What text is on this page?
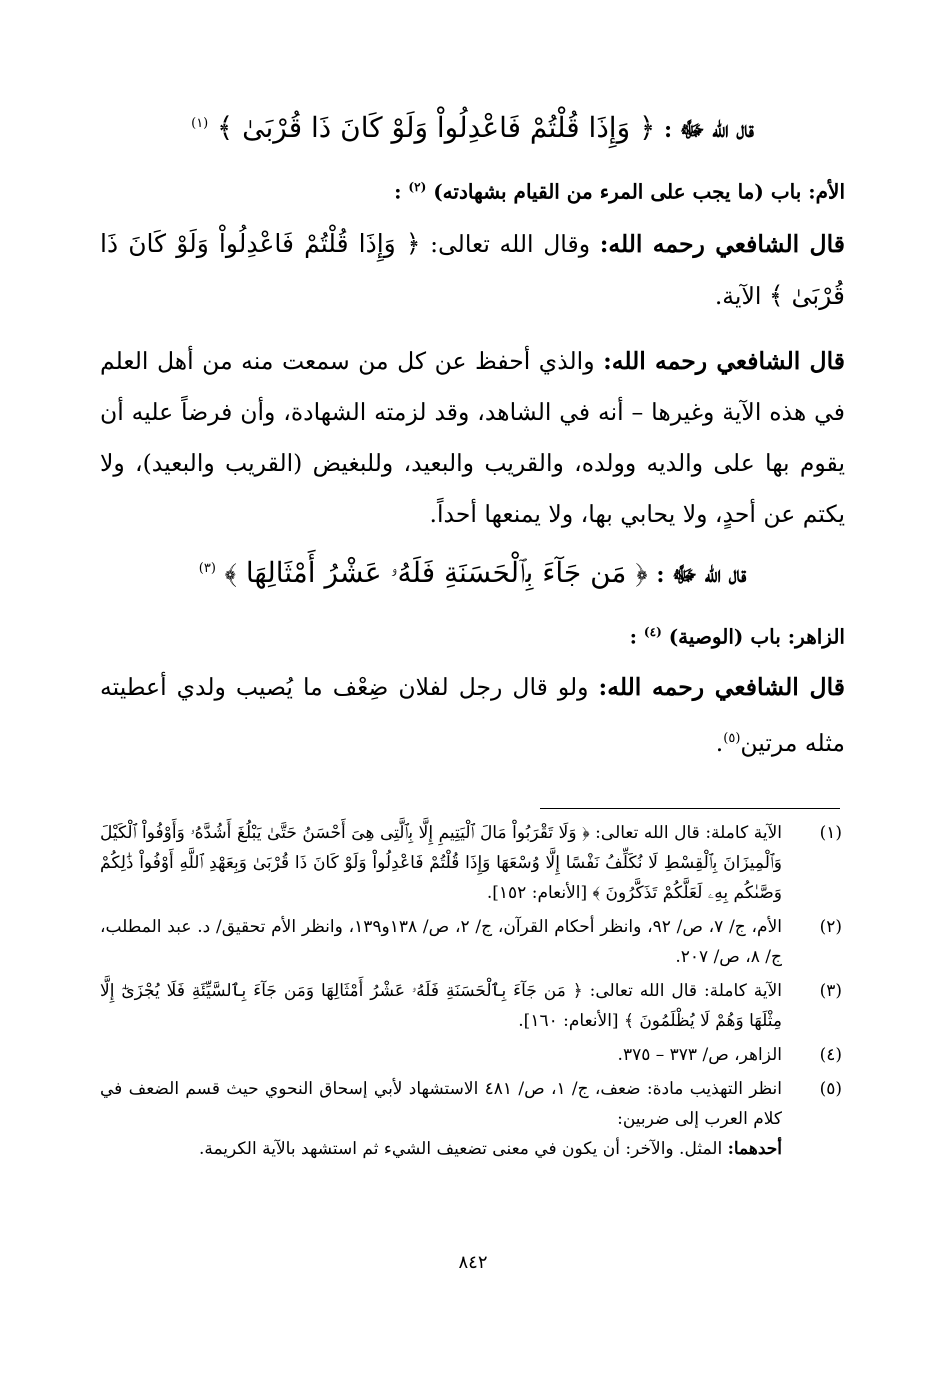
قال الله ﷻ : ﴿ وَإِذَا قُلْتُمْ فَاعْدِلُواْ وَلَوْ كَانَ ذَا قُرْبَىٰ ﴾ $^{(١)}$

الأم: باب (ما يجب على المرء من القيام بشهادته) $^{(٢)}$ :

قال الشافعي رحمه الله: وقال الله تعالى: ﴿ وَإِذَا قُلْتُمْ فَاعْدِلُواْ وَلَوْ كَانَ ذَا قُرْبَىٰ ﴾ الآية.

قال الشافعي رحمه الله: والذي أحفظ عن كل من سمعت منه من أهل العلم في هذه الآية وغيرها – أنه في الشاهد، وقد لزمته الشهادة، وأن فرضاً عليه أن يقوم بها على والديه وولده، والقريب والبعيد، وللبغيض (القريب والبعيد)، ولا يكتم عن أحدٍ، ولا يحابي بها، ولا يمنعها أحداً.

قال الله ﷻ : ﴿ مَن جَآءَ بِٱلْحَسَنَةِ فَلَهُۥ عَشْرُ أَمْثَالِهَا ﴾ $^{(٣)}$

الزاهر: باب (الوصية) $^{(٤)}$ :

قال الشافعي رحمه الله: ولو قال رجل لفلان ضِعْف ما يُصيب ولدي أعطيته مثله مرتين$^{(٥)}$.

(١)
الآية كاملة: قال الله تعالى: ﴿ وَلَا تَقْرَبُواْ مَالَ ٱلْيَتِيمِ إِلَّا بِٱلَّتِى هِىَ أَحْسَنُ حَتَّىٰ يَبْلُغَ أَشُدَّهُۥ وَأَوْفُواْ ٱلْكَيْلَ وَٱلْمِيزَانَ بِٱلْقِسْطِ لَا نُكَلِّفُ نَفْسًا إِلَّا وُسْعَهَا وَإِذَا قُلْتُمْ فَاعْدِلُواْ وَلَوْ كَانَ ذَا قُرْبَىٰ وَبِعَهْدِ ٱللَّهِ أَوْفُواْ ذَٰلِكُمْ وَصَّىٰكُم بِهِۦ لَعَلَّكُمْ تَذَكَّرُونَ ﴾ [الأنعام: ١٥٢].
(٢)
الأم، ج/ ٧، ص/ ٩٢، وانظر أحكام القرآن، ج/ ٢، ص/ ١٣٨و١٣٩، وانظر الأم تحقيق/ د. عبد المطلب، ج/ ٨، ص/ ٢٠٧.
(٣)
الآية كاملة: قال الله تعالى: ﴿ مَن جَآءَ بِٱلْحَسَنَةِ فَلَهُۥ عَشْرُ أَمْثَالِهَا وَمَن جَآءَ بِٱلسَّيِّئَةِ فَلَا يُجْزَىٰٓ إِلَّا مِثْلَهَا وَهُمْ لَا يُظْلَمُونَ ﴾ [الأنعام: ١٦٠].
(٤)
الزاهر، ص/ ٣٧٣ – ٣٧٥.
(٥)
انظر التهذيب مادة: ضعف، ج/ ١، ص/ ٤٨١ الاستشهاد لأبي إسحاق النحوي حيث قسم الضعف في كلام العرب إلى ضربين:

أحدهما: المثل. والآخر: أن يكون في معنى تضعيف الشيء ثم استشهد بالآية الكريمة.

٨٤٢
